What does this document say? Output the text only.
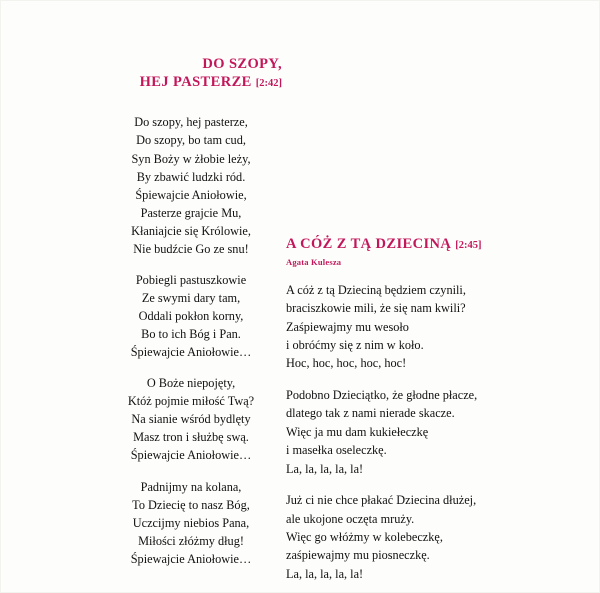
DO SZOPY,
HEJ PASTERZE [2:42]

Do szopy, hej pasterze,
Do szopy, bo tam cud,
Syn Boży w żłobie leży,
By zbawić ludzki ród.
Śpiewajcie Aniołowie,
Pasterze grajcie Mu,
Kłaniajcie się Królowie,
Nie budźcie Go ze snu!

Pobiegli pastuszkowie
Ze swymi dary tam,
Oddali pokłon korny,
Bo to ich Bóg i Pan.
Śpiewajcie Aniołowie…

O Boże niepojęty,
Któż pojmie miłość Twą?
Na sianie wśród bydlęty
Masz tron i służbę swą.
Śpiewajcie Aniołowie…

Padnijmy na kolana,
To Dziecię to nasz Bóg,
Uczcijmy niebios Pana,
Miłości złóżmy dług!
Śpiewajcie Aniołowie…

A CÓŻ Z TĄ DZIECINĄ [2:45]
Agata Kulesza

A cóż z tą Dzieciną będziem czynili,
braciszkowie mili, że się nam kwili?
Zaśpiewajmy mu wesoło
i obróćmy się z nim w koło.
Hoc, hoc, hoc, hoc, hoc!

Podobno Dzieciątko, że głodne płacze,
dlatego tak z nami nierade skacze.
Więc ja mu dam kukiełeczkę
i masełka oseleczkę.
La, la, la, la, la!

Już ci nie chce płakać Dziecina dłużej,
ale ukojone oczęta mruży.
Więc go włóżmy w kolebeczkę,
zaśpiewajmy mu piosneczkę.
La, la, la, la, la!
